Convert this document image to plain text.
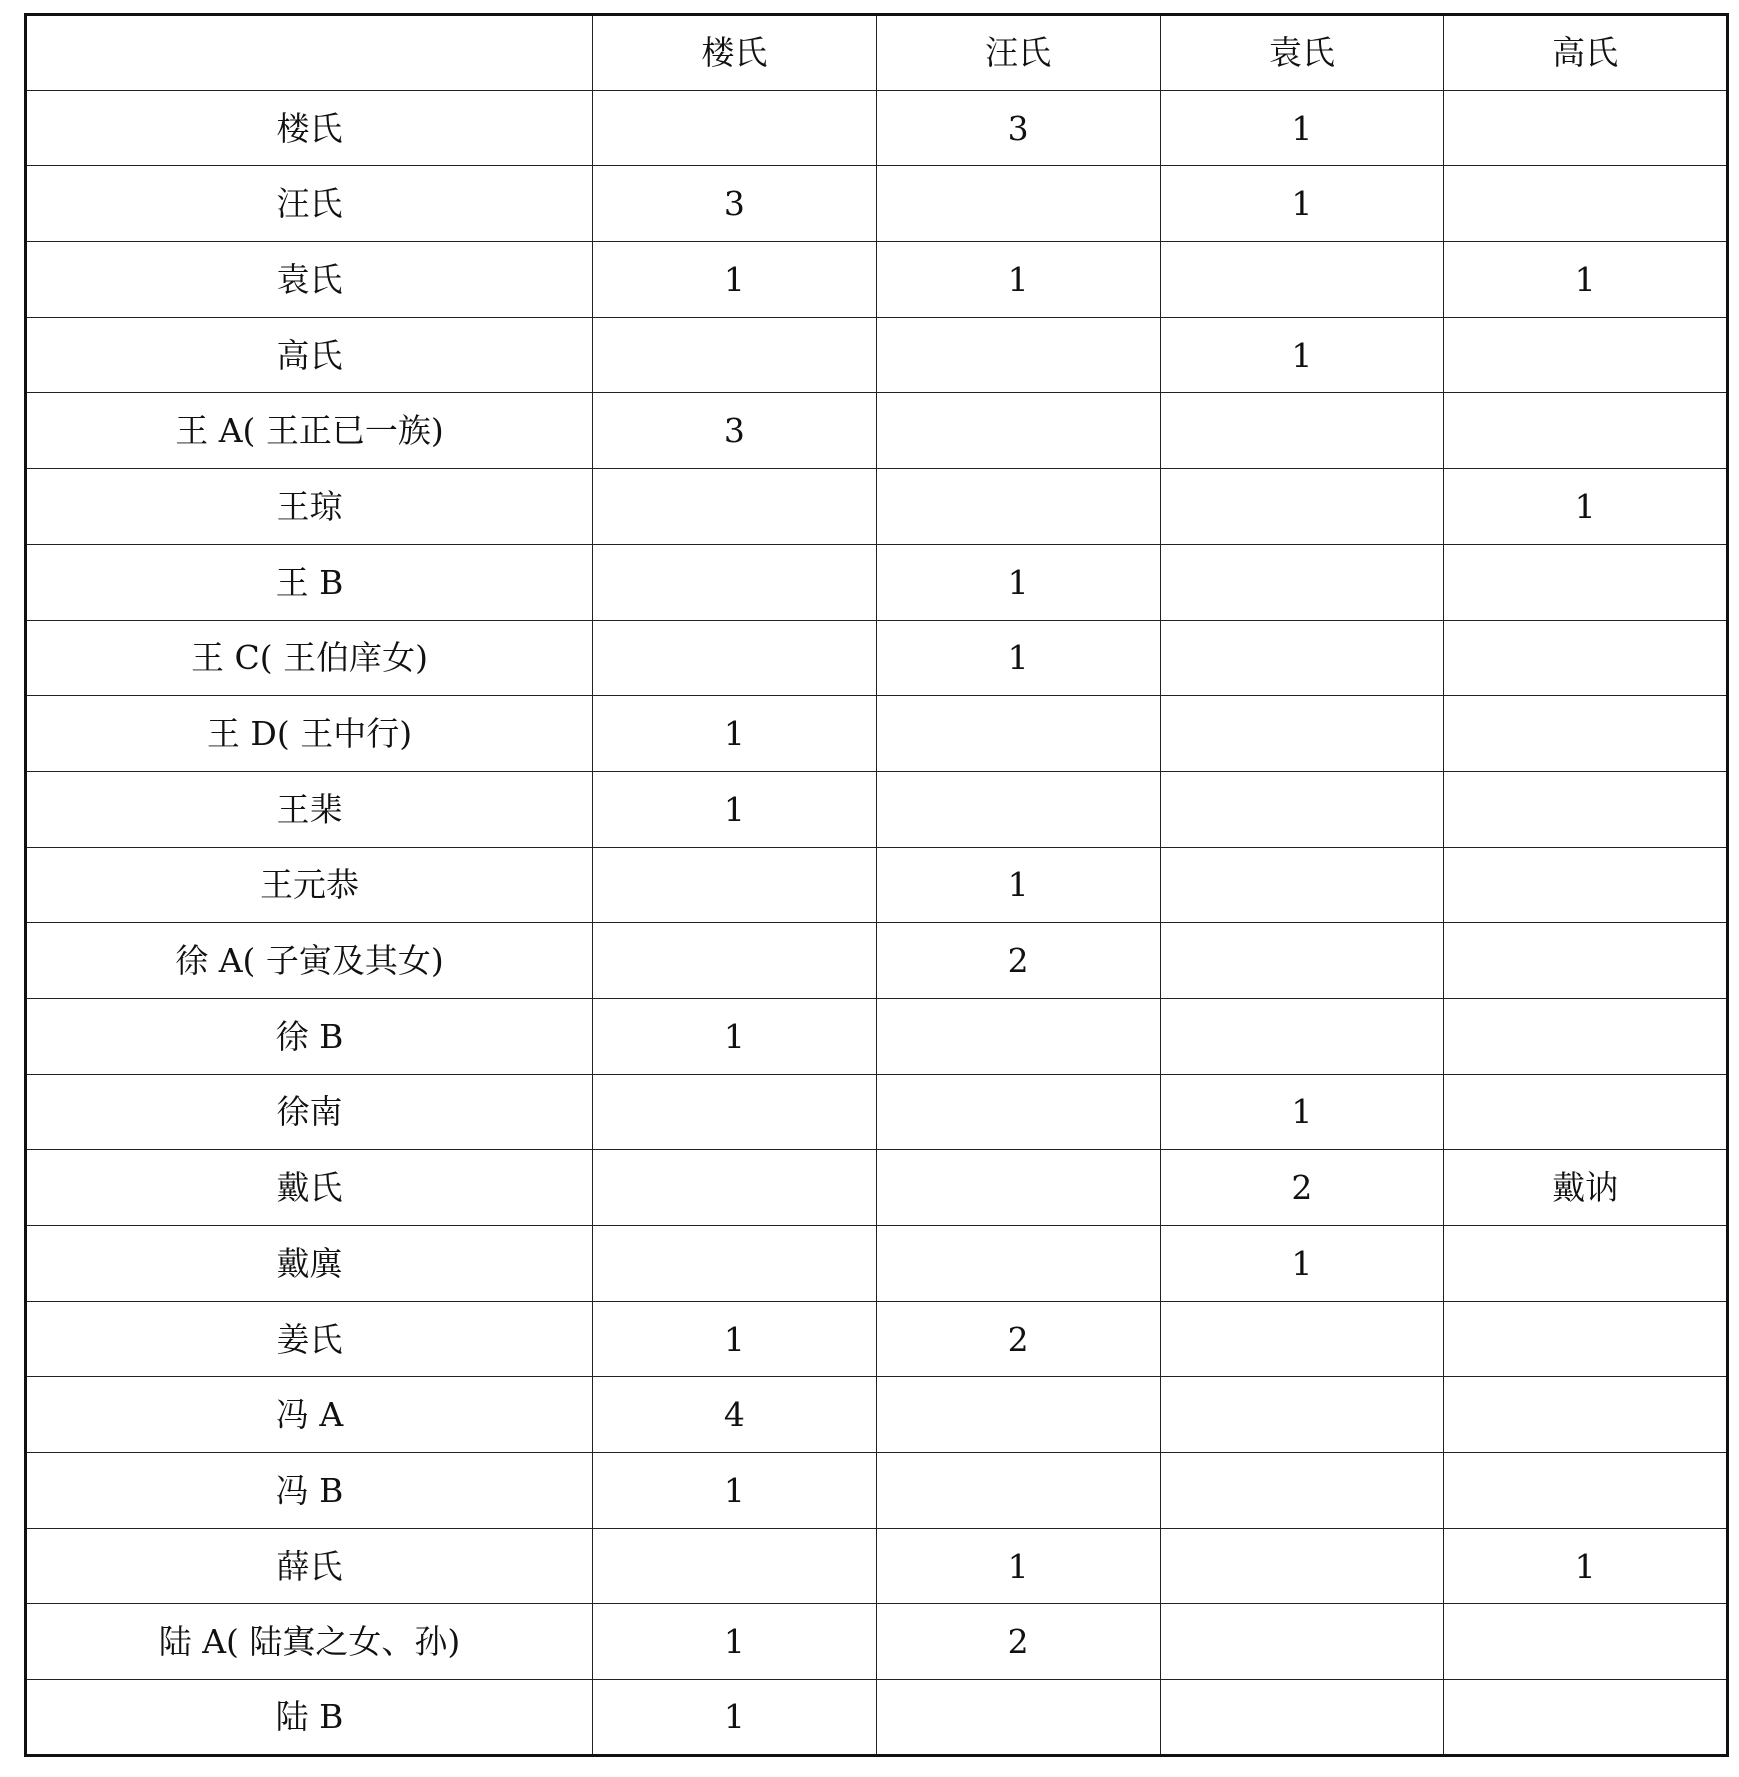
	楼氏	汪氏	袁氏	高氏
楼氏		3	1	
汪氏	3		1	
袁氏	1	1		1
高氏			1	
王 A( 王正已一族)	3			
王琼				1
王 B		1		
王 C( 王伯庠女)		1		
王 D( 王中行)	1			
王棐	1			
王元恭		1		
徐 A( 子寅及其女)		2		
徐 B	1			
徐南			1	
戴氏			2	戴讷
戴廙			1	
姜氏	1	2		
冯 A	4			
冯 B	1			
薛氏		1		1
陆 A( 陆寘之女、孙)	1	2		
陆 B	1			
